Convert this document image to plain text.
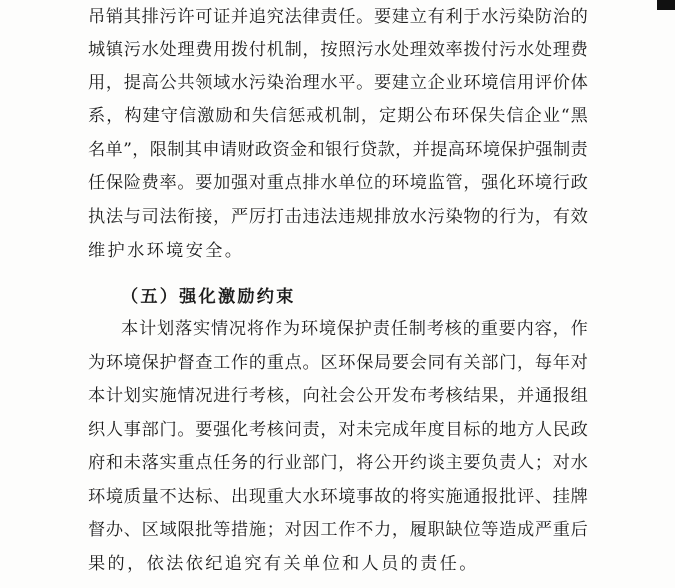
吊 销 其 排 污 许 可 证 并 追 究 法 律 责 任 。 要 建 立 有 利 于 水 污 染 防 治 的
城 镇 污 水 处 理 费 用 拨 付 机 制 ， 按 照 污 水 处 理 效 率 拨 付 污 水 处 理 费
用 ， 提 高 公 共 领 域 水 污 染 治 理 水 平 。 要 建 立 企 业 环 境 信 用 评 价 体
系 ， 构 建 守 信 激 励 和 失 信 惩 戒 机 制 ， 定 期 公 布 环 保 失 信 企 业 “ 黑
名 单 ” ， 限 制 其 申 请 财 政 资 金 和 银 行 贷 款 ， 并 提 高 环 境 保 护 强 制 责
任 保 险 费 率 。 要 加 强 对 重 点 排 水 单 位 的 环 境 监 管 ， 强 化 环 境 行 政
执 法 与 司 法 衔 接 ， 严 厉 打 击 违 法 违 规 排 放 水 污 染 物 的 行 为 ， 有 效
维护水环境安全。
（五）强化激励约束
本 计 划 落 实 情 况 将 作 为 环 境 保 护 责 任 制 考 核 的 重 要 内 容 ， 作
为 环 境 保 护 督 查 工 作 的 重 点 。 区 环 保 局 要 会 同 有 关 部 门 ， 每 年 对
本 计 划 实 施 情 况 进 行 考 核 ， 向 社 会 公 开 发 布 考 核 结 果 ， 并 通 报 组
织 人 事 部 门 。 要 强 化 考 核 问 责 ， 对 未 完 成 年 度 目 标 的 地 方 人 民 政
府 和 未 落 实 重 点 任 务 的 行 业 部 门 ， 将 公 开 约 谈 主 要 负 责 人 ； 对 水
环 境 质 量 不 达 标 、 出 现 重 大 水 环 境 事 故 的 将 实 施 通 报 批 评 、 挂 牌
督 办 、 区 域 限 批 等 措 施 ； 对 因 工 作 不 力 ， 履 职 缺 位 等 造 成 严 重 后
果的，依法依纪追究有关单位和人员的责任。
